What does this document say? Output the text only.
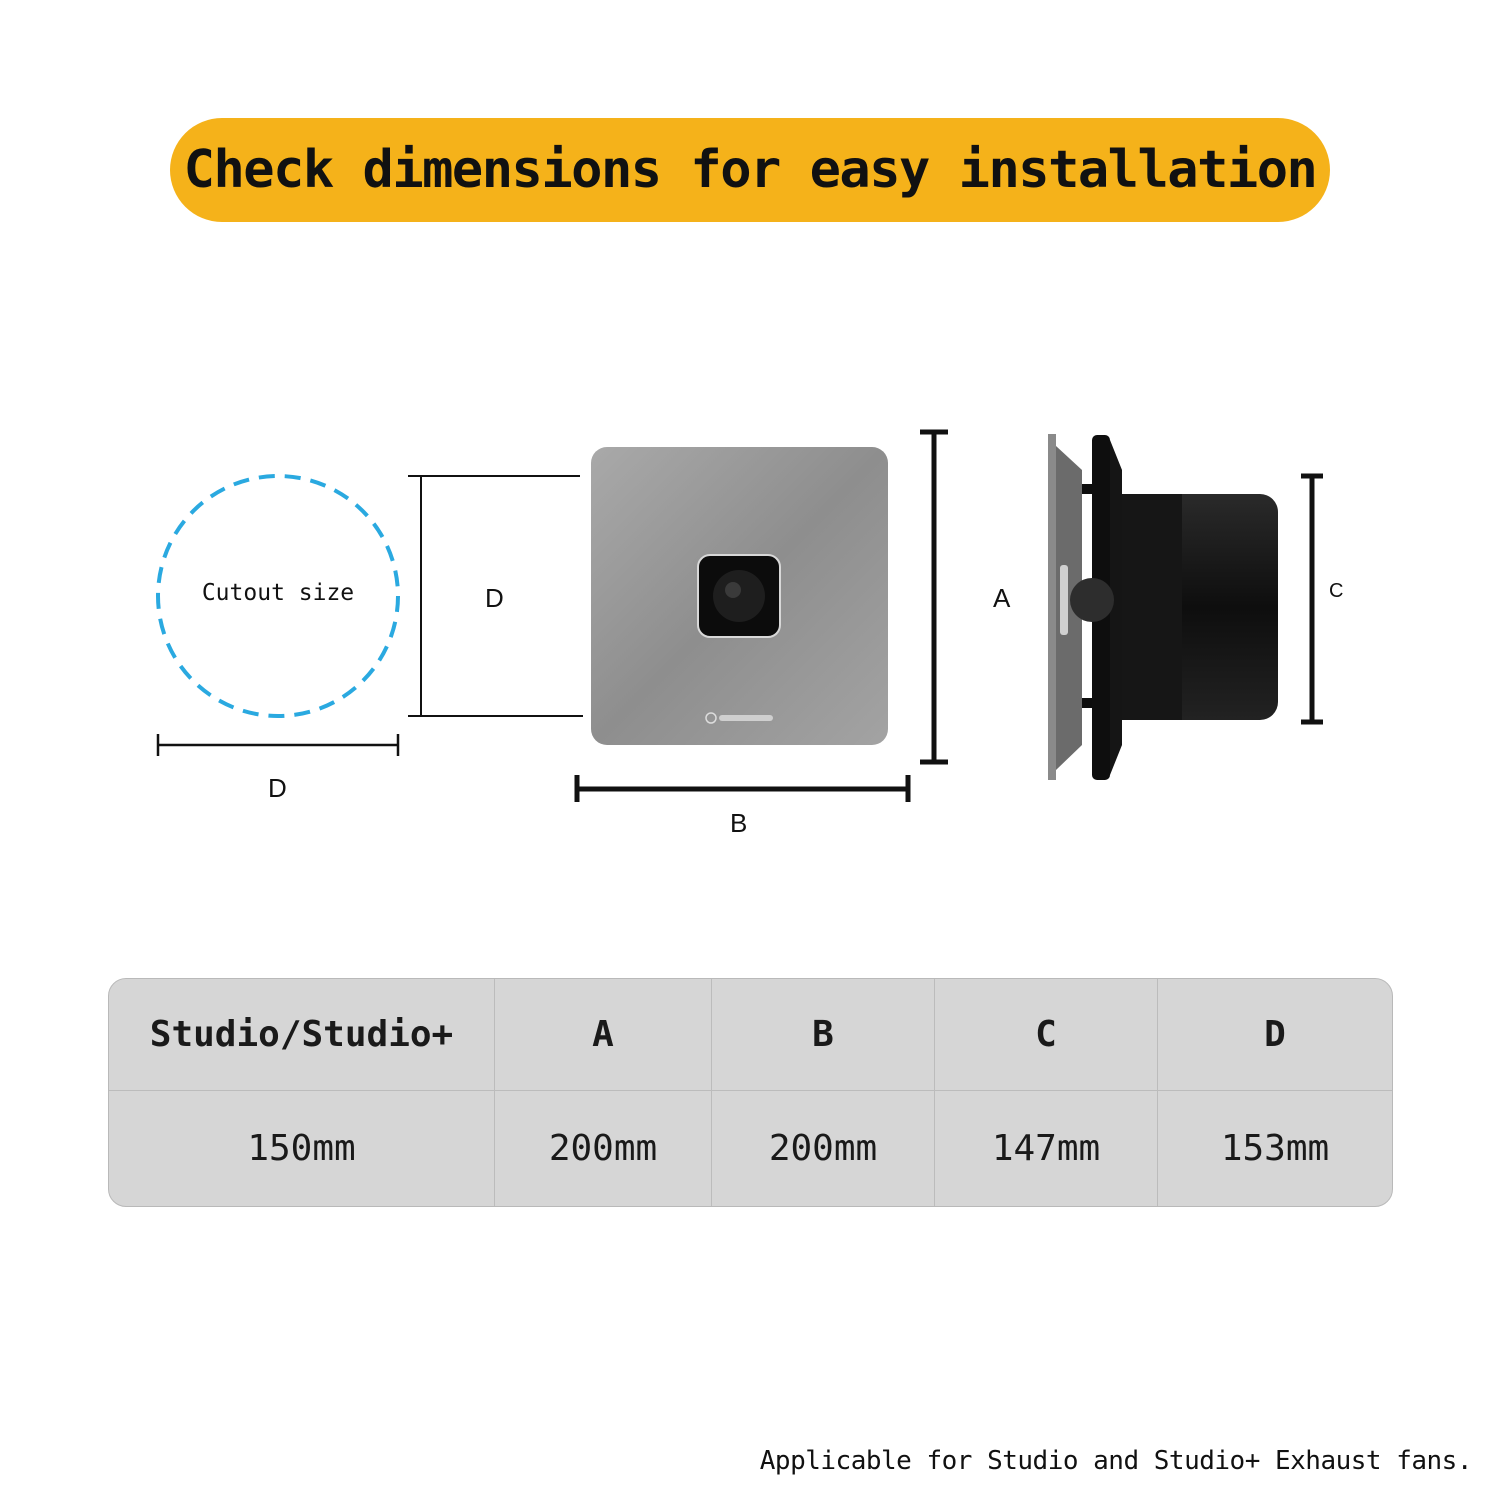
Check dimensions for easy installation
Cutout size
D
D
B
A	C
Studio/Studio+	A	B	C	D
150mm	200mm	200mm	147mm	153mm
Applicable for Studio and Studio+ Exhaust fans.
